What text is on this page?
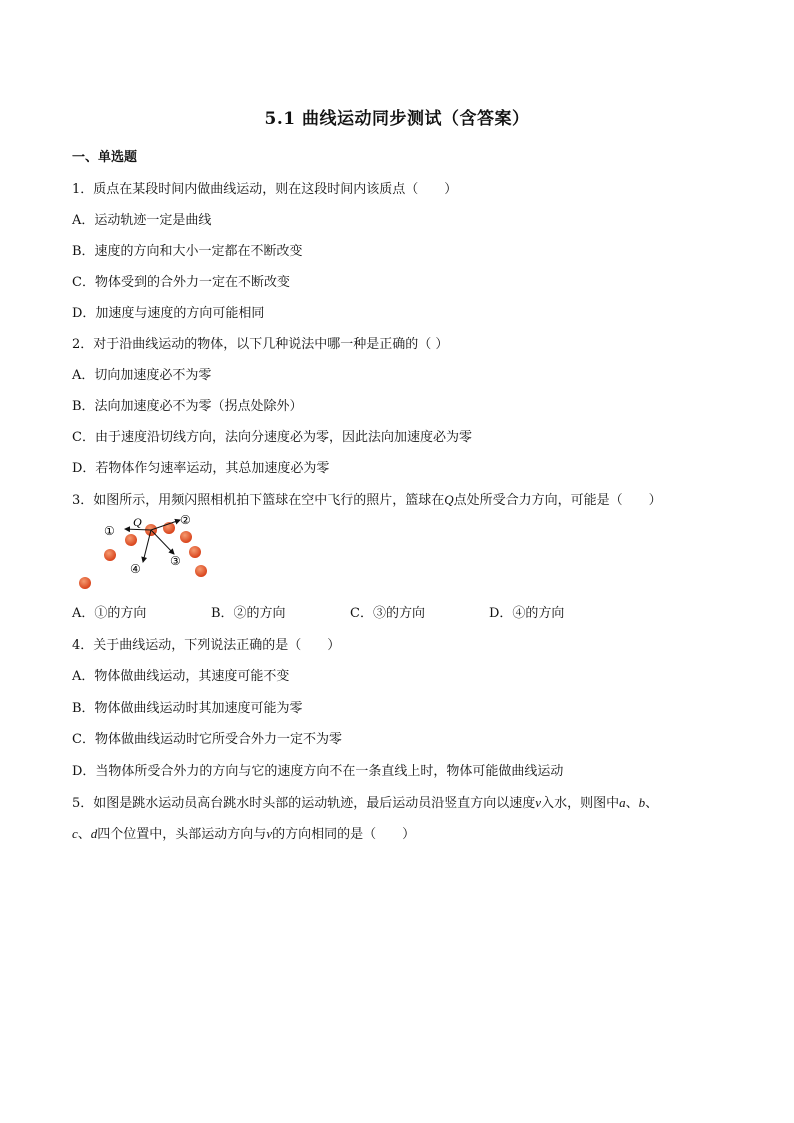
5.1 曲线运动同步测试（含答案）
一、单选题
1．质点在某段时间内做曲线运动，则在这段时间内该质点（　　）
A．运动轨迹一定是曲线
B．速度的方向和大小一定都在不断改变
C．物体受到的合外力一定在不断改变
D．加速度与速度的方向可能相同
2．对于沿曲线运动的物体，以下几种说法中哪一种是正确的（ ）
A．切向加速度必不为零
B．法向加速度必不为零（拐点处除外）
C．由于速度沿切线方向，法向分速度必为零，因此法向加速度必为零
D．若物体作匀速率运动，其总加速度必为零
3．如图所示，用频闪照相机拍下篮球在空中飞行的照片，篮球在Q点处所受合力方向，可能是（　　）
Q
①
②
③
④
A．①的方向	B．②的方向	C．③的方向	D．④的方向
4．关于曲线运动，下列说法正确的是（　　）
A．物体做曲线运动，其速度可能不变
B．物体做曲线运动时其加速度可能为零
C．物体做曲线运动时它所受合外力一定不为零
D．当物体所受合外力的方向与它的速度方向不在一条直线上时，物体可能做曲线运动
5．如图是跳水运动员高台跳水时头部的运动轨迹，最后运动员沿竖直方向以速度v入水，则图中a、b、
c、d四个位置中，头部运动方向与v的方向相同的是（　　）
